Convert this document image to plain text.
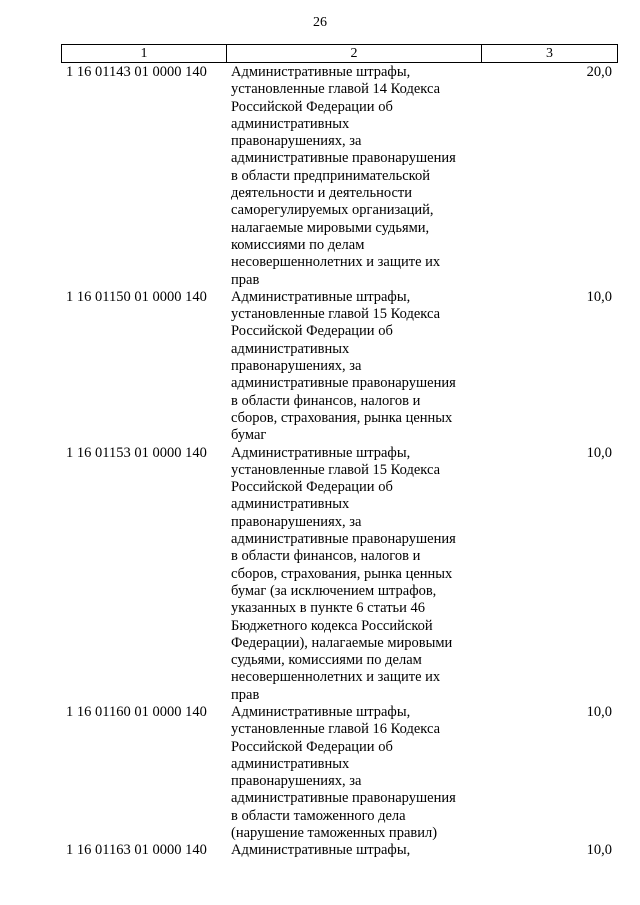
26
1	2	3
1 16 01143 01 0000 140	Административные штрафы,
установленные главой 14 Кодекса
Российской Федерации об
административных
правонарушениях, за
административные правонарушения
в области предпринимательской
деятельности и деятельности
саморегулируемых организаций,
налагаемые мировыми судьями,
комиссиями по делам
несовершеннолетних и защите их
прав
20,0
1 16 01150 01 0000 140	Административные штрафы,
установленные главой 15 Кодекса
Российской Федерации об
административных
правонарушениях, за
административные правонарушения
в области финансов, налогов и
сборов, страхования, рынка ценных
бумаг
10,0
1 16 01153 01 0000 140	Административные штрафы,
установленные главой 15 Кодекса
Российской Федерации об
административных
правонарушениях, за
административные правонарушения
в области финансов, налогов и
сборов, страхования, рынка ценных
бумаг (за исключением штрафов,
указанных в пункте 6 статьи 46
Бюджетного кодекса Российской
Федерации), налагаемые мировыми
судьями, комиссиями по делам
несовершеннолетних и защите их
прав
10,0
1 16 01160 01 0000 140	Административные штрафы,
установленные главой 16 Кодекса
Российской Федерации об
административных
правонарушениях, за
административные правонарушения
в области таможенного дела
(нарушение таможенных правил)
10,0
1 16 01163 01 0000 140	Административные штрафы,	10,0
